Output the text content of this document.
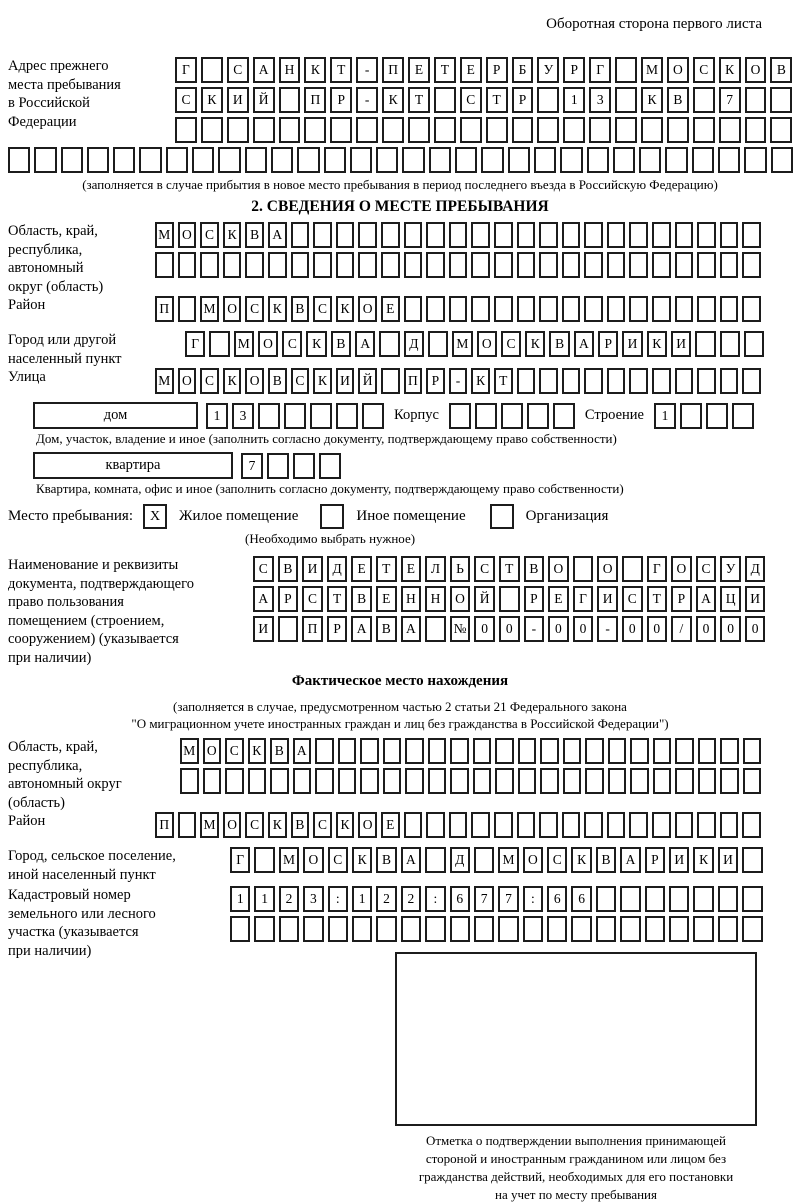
Оборотная сторона первого листа
Адрес прежнего
места пребывания
в Российской
Федерации
Г	С	А	Н	К	Т	-	П	Е	Т	Е	Р	Б	У	Р	Г	М	О	С	К	О	В
С	К	И	Й	П	Р	-	К	Т	С	Т	Р	1	3	К	В	7
(заполняется в случае прибытия в новое место пребывания в период последнего въезда в Российскую Федерацию)
2. СВЕДЕНИЯ О МЕСТЕ ПРЕБЫВАНИЯ
Область, край,
республика,
автономный
округ (область)
М О С	К	В А
Район	П	М О С	К	В	С	К О	Е
Город или другой
населенный пункт
Г	М О	С	К	В	А	Д	М О	С	К	В	А	Р	И	К	И
Улица	М О С	К О В	С	К И Й	П	Р	-	К	Т
дом	1	3	Корпус	Строение	1
Дом, участок, владение и иное (заполнить согласно документу, подтверждающему право собственности)
квартира	7
Квартира, комната, офис и иное (заполнить согласно документу, подтверждающему право собственности)
Место пребывания:	X	Жилое помещение	Иное помещение	Организация
(Необходимо выбрать нужное)
Наименование и реквизиты
документа, подтверждающего
право пользования
помещением (строением,
сооружением) (указывается
при наличии)
С	В	И	Д	Е	Т	Е	Л	Ь	С	Т	В	О	О	Г	О	С	У	Д
А	Р	С	Т	В	Е	Н	Н	О	Й	Р	Е	Г	И	С	Т	Р	А	Ц	И
И	П	Р	А	В	А	№	0	0	-	0	0	-	0	0	/	0	0	0
Фактическое место нахождения
(заполняется в случае, предусмотренном частью 2 статьи 21 Федерального закона
"О миграционном учете иностранных граждан и лиц без гражданства в Российской Федерации")
Область, край,
республика,
автономный округ
(область)
М О С К В А
Район	П	М О С	К	В	С	К О	Е
Город, сельское поселение,
иной населенный пункт
Г	М	О	С	К	В	А	Д	М	О	С	К	В	А	Р	И	К	И
Кадастровый номер
земельного или лесного
участка (указывается
при наличии)
1	1	2	3	:	1	2	2	:	6	7	7	:	6	6
Отметка о подтверждении выполнения принимающей
стороной и иностранным гражданином или лицом без
гражданства действий, необходимых для его постановки
на учет по месту пребывания
